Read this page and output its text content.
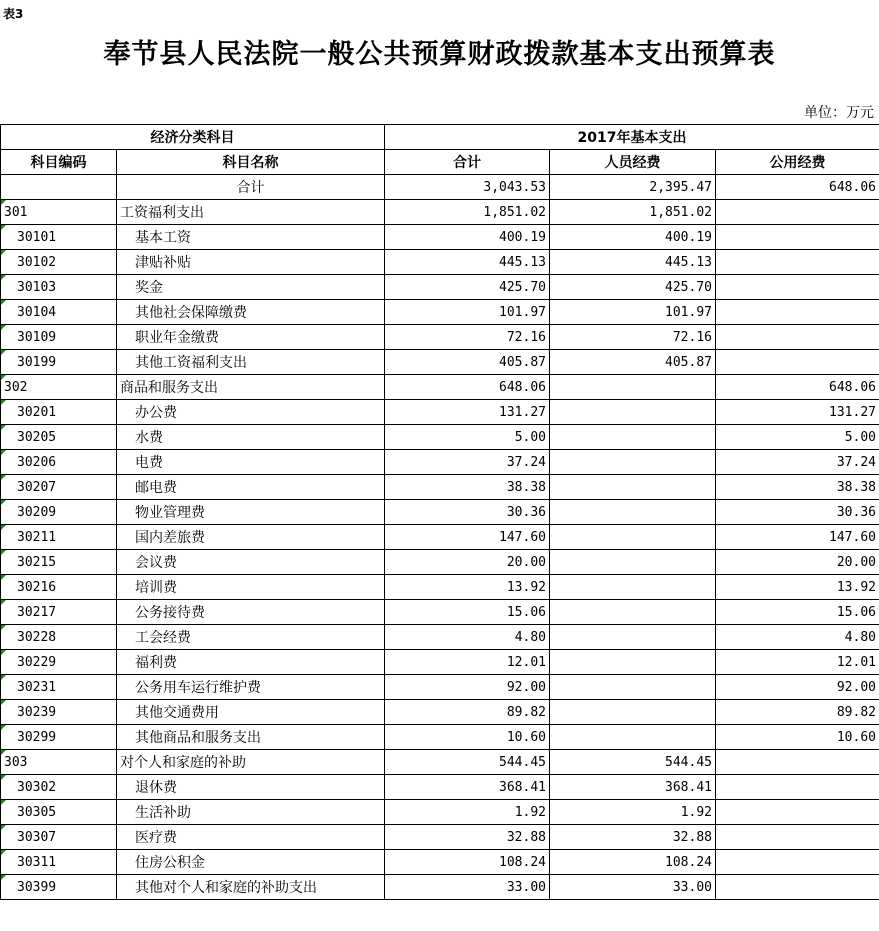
表3
奉节县人民法院一般公共预算财政拨款基本支出预算表
单位：万元
经济分类科目		2017年基本支出		
科目编码	科目名称	合计	人员经费	公用经费
	合计	3,043.53	2,395.47	648.06

301	工资福利支出	1,851.02	1,851.02	

30101	基本工资	400.19	400.19	

30102	津贴补贴	445.13	445.13	

30103	奖金	425.70	425.70	

30104	其他社会保障缴费	101.97	101.97	

30109	职业年金缴费	72.16	72.16	

30199	其他工资福利支出	405.87	405.87	

302	商品和服务支出	648.06		648.06

30201	办公费	131.27		131.27

30205	水费	5.00		5.00

30206	电费	37.24		37.24

30207	邮电费	38.38		38.38

30209	物业管理费	30.36		30.36

30211	国内差旅费	147.60		147.60

30215	会议费	20.00		20.00

30216	培训费	13.92		13.92

30217	公务接待费	15.06		15.06

30228	工会经费	4.80		4.80

30229	福利费	12.01		12.01

30231	公务用车运行维护费	92.00		92.00

30239	其他交通费用	89.82		89.82

30299	其他商品和服务支出	10.60		10.60

303	对个人和家庭的补助	544.45	544.45	

30302	退休费	368.41	368.41	

30305	生活补助	1.92	1.92	

30307	医疗费	32.88	32.88	

30311	住房公积金	108.24	108.24	

30399	其他对个人和家庭的补助支出	33.00	33.00	
